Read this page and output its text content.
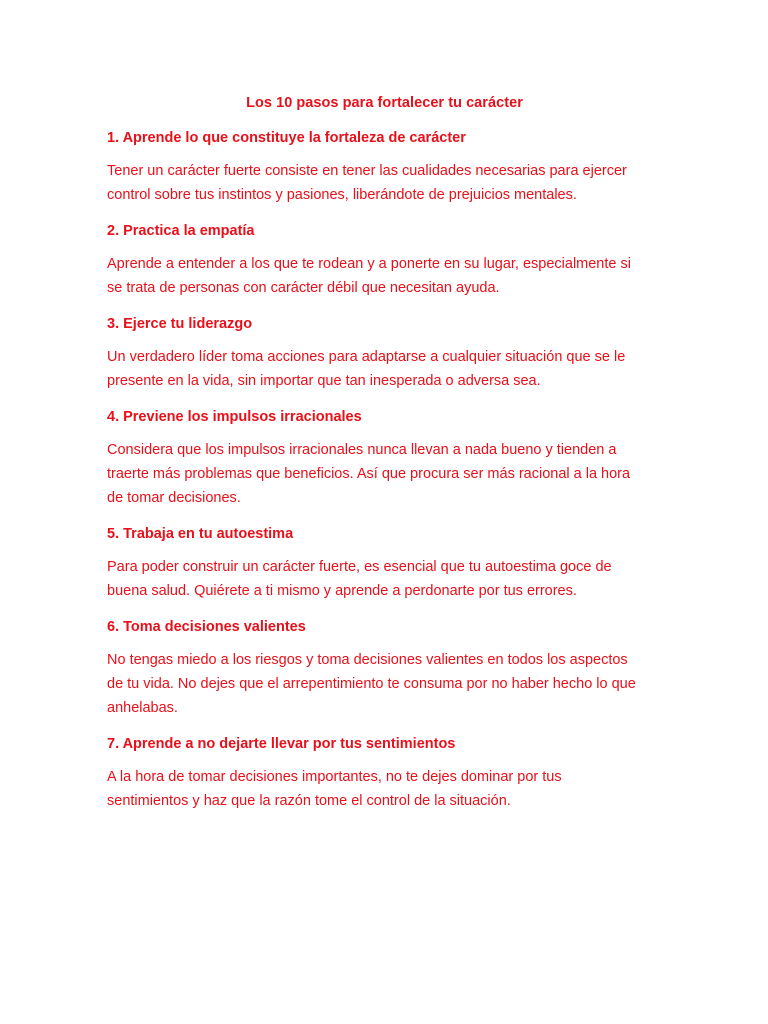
Los 10 pasos para fortalecer tu carácter
1. Aprende lo que constituye la fortaleza de carácter

Tener un carácter fuerte consiste en tener las cualidades necesarias para ejercer
control sobre tus instintos y pasiones, liberándote de prejuicios mentales.

2. Practica la empatía

Aprende a entender a los que te rodean y a ponerte en su lugar, especialmente si
se trata de personas con carácter débil que necesitan ayuda.

3. Ejerce tu liderazgo

Un verdadero líder toma acciones para adaptarse a cualquier situación que se le
presente en la vida, sin importar que tan inesperada o adversa sea.

4. Previene los impulsos irracionales

Considera que los impulsos irracionales nunca llevan a nada bueno y tienden a
traerte más problemas que beneficios. Así que procura ser más racional a la hora
de tomar decisiones.

5. Trabaja en tu autoestima

Para poder construir un carácter fuerte, es esencial que tu autoestima goce de
buena salud. Quiérete a ti mismo y aprende a perdonarte por tus errores.

6. Toma decisiones valientes

No tengas miedo a los riesgos y toma decisiones valientes en todos los aspectos
de tu vida. No dejes que el arrepentimiento te consuma por no haber hecho lo que
anhelabas.

7. Aprende a no dejarte llevar por tus sentimientos

A la hora de tomar decisiones importantes, no te dejes dominar por tus
sentimientos y haz que la razón tome el control de la situación.
